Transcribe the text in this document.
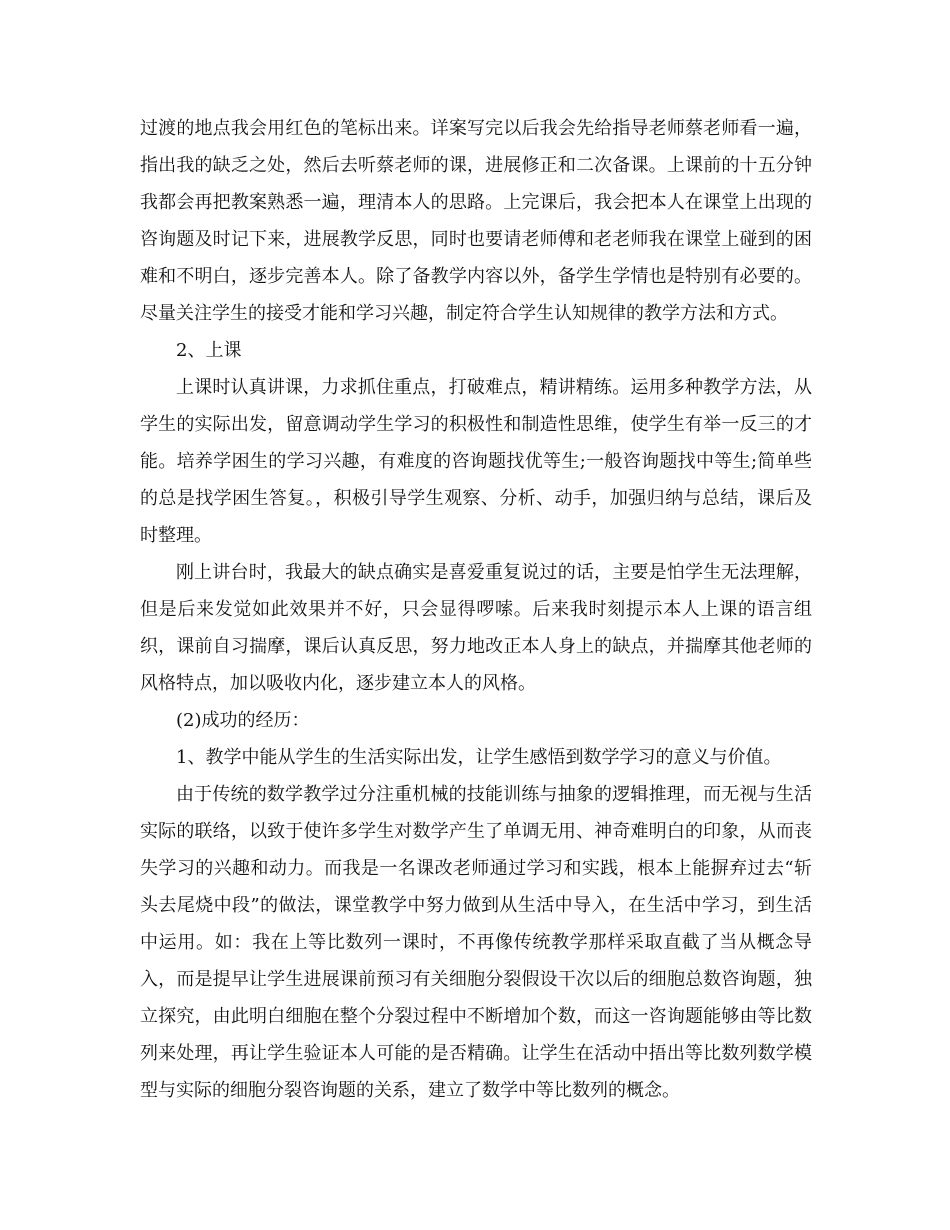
过渡的地点我会用红色的笔标出来。详案写完以后我会先给指导老师蔡老师看一遍，指出我的缺乏之处，然后去听蔡老师的课，进展修正和二次备课。上课前的十五分钟我都会再把教案熟悉一遍，理清本人的思路。上完课后，我会把本人在课堂上出现的咨询题及时记下来，进展教学反思，同时也要请老师傅和老老师我在课堂上碰到的困难和不明白，逐步完善本人。除了备教学内容以外，备学生学情也是特别有必要的。尽量关注学生的接受才能和学习兴趣，制定符合学生认知规律的教学方法和方式。

2、上课

上课时认真讲课，力求抓住重点，打破难点，精讲精练。运用多种教学方法，从学生的实际出发，留意调动学生学习的积极性和制造性思维，使学生有举一反三的才能。培养学困生的学习兴趣，有难度的咨询题找优等生;一般咨询题找中等生;简单些的总是找学困生答复。，积极引导学生观察、分析、动手，加强归纳与总结，课后及时整理。

刚上讲台时，我最大的缺点确实是喜爱重复说过的话，主要是怕学生无法理解，但是后来发觉如此效果并不好，只会显得啰嗦。后来我时刻提示本人上课的语言组织，课前自习揣摩，课后认真反思，努力地改正本人身上的缺点，并揣摩其他老师的风格特点，加以吸收内化，逐步建立本人的风格。

(2)成功的经历：

1、教学中能从学生的生活实际出发，让学生感悟到数学学习的意义与价值。

由于传统的数学教学过分注重机械的技能训练与抽象的逻辑推理，而无视与生活实际的联络，以致于使许多学生对数学产生了单调无用、神奇难明白的印象，从而丧失学习的兴趣和动力。而我是一名课改老师通过学习和实践，根本上能摒弃过去“斩头去尾烧中段”的做法，课堂教学中努力做到从生活中导入，在生活中学习，到生活中运用。如：我在上等比数列一课时，不再像传统教学那样采取直截了当从概念导入，而是提早让学生进展课前预习有关细胞分裂假设干次以后的细胞总数咨询题，独立探究，由此明白细胞在整个分裂过程中不断增加个数，而这一咨询题能够由等比数列来处理，再让学生验证本人可能的是否精确。让学生在活动中捂出等比数列数学模型与实际的细胞分裂咨询题的关系，建立了数学中等比数列的概念。
